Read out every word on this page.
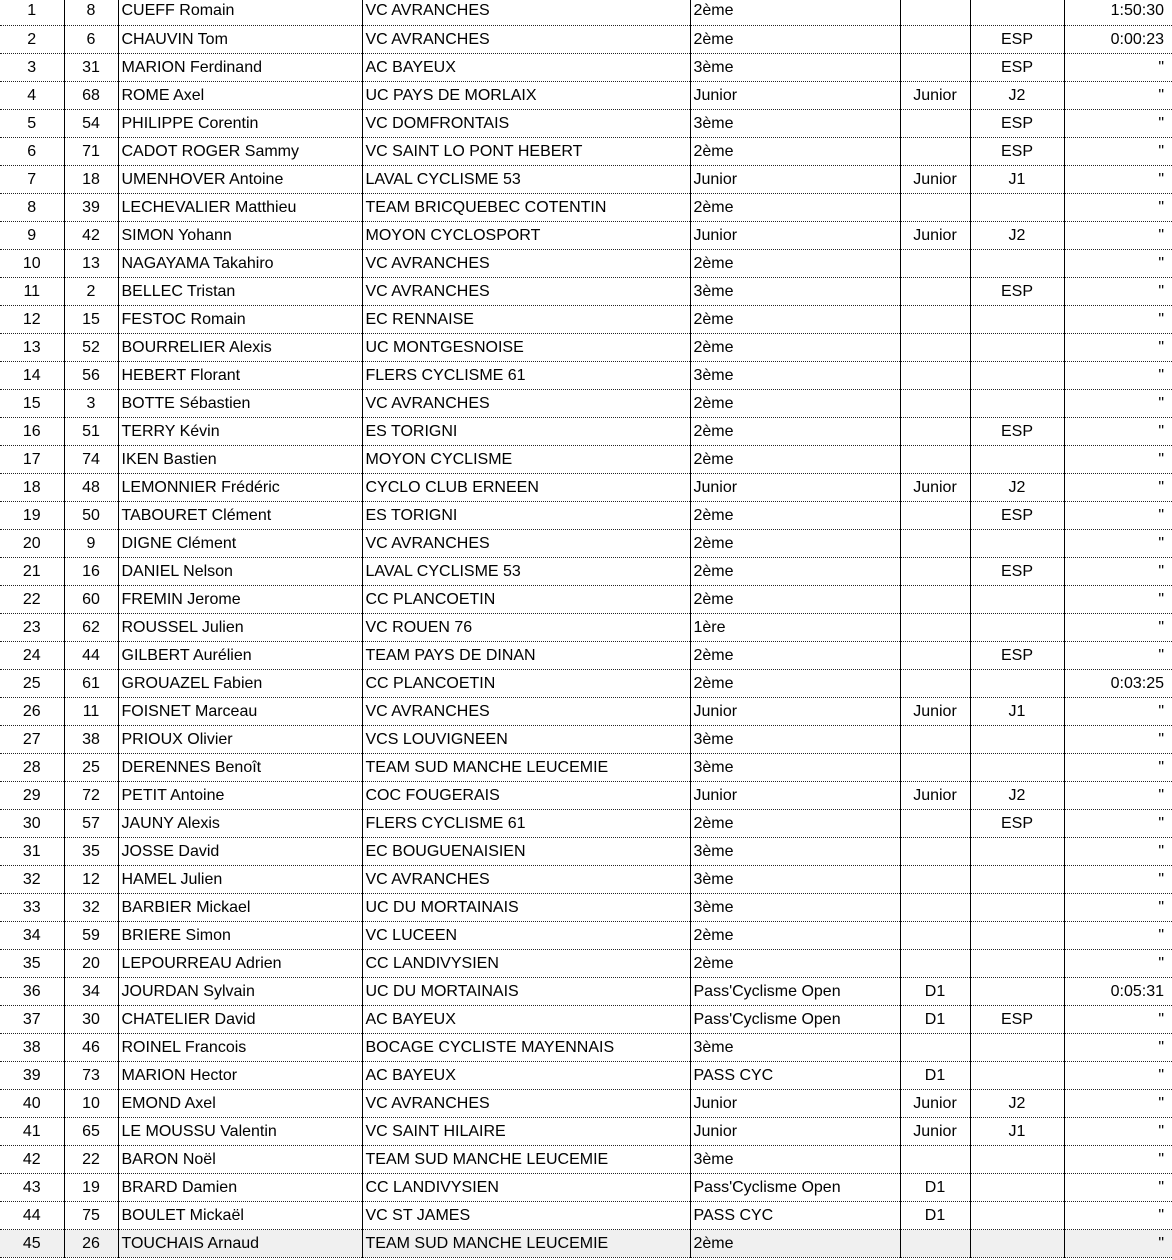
1	8	CUEFF Romain	VC AVRANCHES	2ème			1:50:30
2	6	CHAUVIN Tom	VC AVRANCHES	2ème		ESP	0:00:23
3	31	MARION Ferdinand	AC BAYEUX	3ème		ESP	"
4	68	ROME Axel	UC PAYS DE MORLAIX	Junior	Junior	J2	"
5	54	PHILIPPE Corentin	VC DOMFRONTAIS	3ème		ESP	"
6	71	CADOT ROGER Sammy	VC SAINT LO PONT HEBERT	2ème		ESP	"
7	18	UMENHOVER Antoine	LAVAL CYCLISME 53	Junior	Junior	J1	"
8	39	LECHEVALIER Matthieu	TEAM BRICQUEBEC COTENTIN	2ème			"
9	42	SIMON Yohann	MOYON CYCLOSPORT	Junior	Junior	J2	"
10	13	NAGAYAMA Takahiro	VC AVRANCHES	2ème			"
11	2	BELLEC Tristan	VC AVRANCHES	3ème		ESP	"
12	15	FESTOC Romain	EC RENNAISE	2ème			"
13	52	BOURRELIER Alexis	UC MONTGESNOISE	2ème			"
14	56	HEBERT Florant	FLERS CYCLISME 61	3ème			"
15	3	BOTTE Sébastien	VC AVRANCHES	2ème			"
16	51	TERRY Kévin	ES TORIGNI	2ème		ESP	"
17	74	IKEN Bastien	MOYON CYCLISME	2ème			"
18	48	LEMONNIER Frédéric	CYCLO CLUB ERNEEN	Junior	Junior	J2	"
19	50	TABOURET Clément	ES TORIGNI	2ème		ESP	"
20	9	DIGNE Clément	VC AVRANCHES	2ème			"
21	16	DANIEL Nelson	LAVAL CYCLISME 53	2ème		ESP	"
22	60	FREMIN Jerome	CC PLANCOETIN	2ème			"
23	62	ROUSSEL Julien	VC ROUEN 76	1ère			"
24	44	GILBERT Aurélien	TEAM PAYS DE DINAN	2ème		ESP	"
25	61	GROUAZEL Fabien	CC PLANCOETIN	2ème			0:03:25
26	11	FOISNET Marceau	VC AVRANCHES	Junior	Junior	J1	"
27	38	PRIOUX Olivier	VCS LOUVIGNEEN	3ème			"
28	25	DERENNES Benoît	TEAM SUD MANCHE LEUCEMIE	3ème			"
29	72	PETIT Antoine	COC FOUGERAIS	Junior	Junior	J2	"
30	57	JAUNY Alexis	FLERS CYCLISME 61	2ème		ESP	"
31	35	JOSSE David	EC BOUGUENAISIEN	3ème			"
32	12	HAMEL Julien	VC AVRANCHES	3ème			"
33	32	BARBIER Mickael	UC DU MORTAINAIS	3ème			"
34	59	BRIERE Simon	VC LUCEEN	2ème			"
35	20	LEPOURREAU Adrien	CC LANDIVYSIEN	2ème			"
36	34	JOURDAN Sylvain	UC DU MORTAINAIS	Pass'Cyclisme Open	D1		0:05:31
37	30	CHATELIER David	AC BAYEUX	Pass'Cyclisme Open	D1	ESP	"
38	46	ROINEL Francois	BOCAGE CYCLISTE MAYENNAIS	3ème			"
39	73	MARION Hector	AC BAYEUX	PASS CYC	D1		"
40	10	EMOND Axel	VC AVRANCHES	Junior	Junior	J2	"
41	65	LE MOUSSU Valentin	VC SAINT HILAIRE	Junior	Junior	J1	"
42	22	BARON Noël	TEAM SUD MANCHE LEUCEMIE	3ème			"
43	19	BRARD Damien	CC LANDIVYSIEN	Pass'Cyclisme Open	D1		"
44	75	BOULET Mickaël	VC ST JAMES	PASS CYC	D1		"
45	26	TOUCHAIS Arnaud	TEAM SUD MANCHE LEUCEMIE	2ème			"
